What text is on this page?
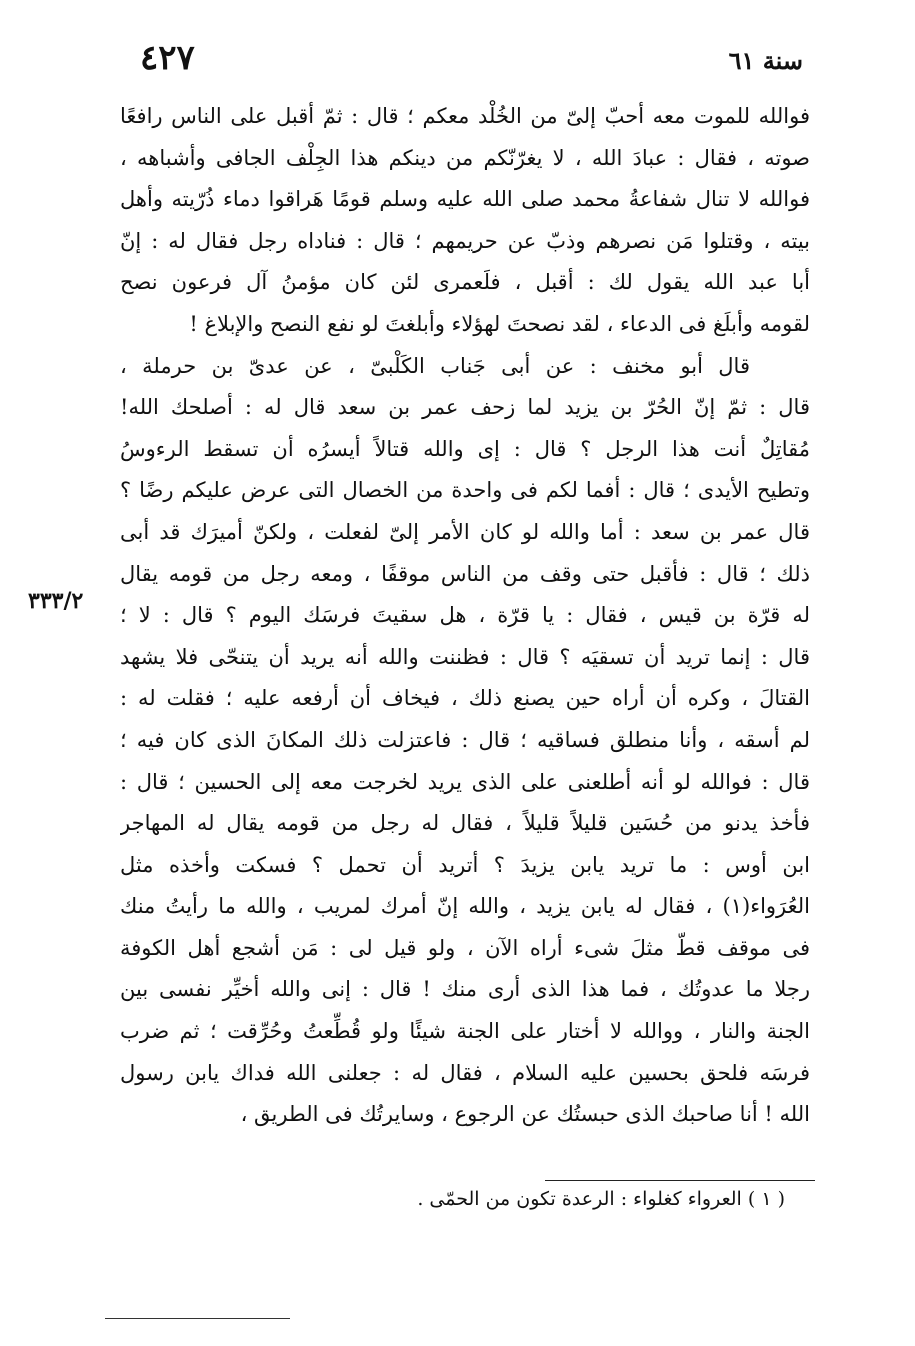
٤٢٧	سنة ٦١
فوالله للموت معه أحبّ إلىّ من الخُلْد معكم ؛ قال : ثمّ أقبل على الناس رافعًا
صوته ، فقال : عبادَ الله ، لا يغرّنّكم من دينكم هذا الجِلْف الجافى وأشباهه ،
فوالله لا تنال شفاعةُ محمد صلى الله عليه وسلم قومًا هَراقوا دماء ذُرّيته وأهل
بيته ، وقتلوا مَن نصرهم وذبّ عن حريمهم ؛ قال : فناداه رجل فقال له : إنّ
أبا عبد الله يقول لك : أقبل ، فلَعمرى لئن كان مؤمنُ آل فرعون نصح
لقومه وأبلَغ فى الدعاء ، لقد نصحتَ لهؤلاء وأبلغتَ لو نفع النصح والإبلاغ !
قال أبو مخنف : عن أبى جَناب الكَلْبىّ ، عن عدىّ بن حرملة ،
قال : ثمّ إنّ الحُرّ بن يزيد لما زحف عمر بن سعد قال له : أصلحك الله!
مُقاتِلٌ أنت هذا الرجل ؟ قال : إى والله قتالاً أيسرُه أن تسقط الرءوسُ
وتطيح الأيدى ؛ قال : أفما لكم فى واحدة من الخصال التى عرض عليكم رضًا ؟
قال عمر بن سعد : أما والله لو كان الأمر إلىّ لفعلت ، ولكنّ أميرَك قد أبى
ذلك ؛ قال : فأقبل حتى وقف من الناس موقفًا ، ومعه رجل من قومه يقال
له قرّة بن قيس ، فقال : يا قرّة ، هل سقيتَ فرسَك اليوم ؟ قال : لا ؛
قال : إنما تريد أن تسقيَه ؟ قال : فظننت والله أنه يريد أن يتنحّى فلا يشهد
القتالَ ، وكره أن أراه حين يصنع ذلك ، فيخاف أن أرفعه عليه ؛ فقلت له :
لم أسقه ، وأنا منطلق فساقيه ؛ قال : فاعتزلت ذلك المكانَ الذى كان فيه ؛
قال : فوالله لو أنه أطلعنى على الذى يريد لخرجت معه إلى الحسين ؛ قال :
فأخذ يدنو من حُسَين قليلاً قليلاً ، فقال له رجل من قومه يقال له المهاجر
ابن أوس : ما تريد يابن يزيدَ ؟ أتريد أن تحمل ؟ فسكت وأخذه مثل
العُرَواء(١) ، فقال له يابن يزيد ، والله إنّ أمرك لمريب ، والله ما رأيتُ منك
فى موقف قطّ مثلَ شىء أراه الآن ، ولو قيل لى : مَن أشجع أهل الكوفة
رجلا ما عدوتُك ، فما هذا الذى أرى منك ! قال : إنى والله أخيِّر نفسى بين
الجنة والنار ، ووالله لا أختار على الجنة شيئًا ولو قُطِّعتُ وحُرِّقت ؛ ثم ضرب
فرسَه فلحق بحسين عليه السلام ، فقال له : جعلنى الله فداك يابن رسول
الله ! أنا صاحبك الذى حبستُك عن الرجوع ، وسايرتُك فى الطريق ،
٣٣٣/٢
( ١ ) العرواء كغلواء : الرعدة تكون من الحمّى .
